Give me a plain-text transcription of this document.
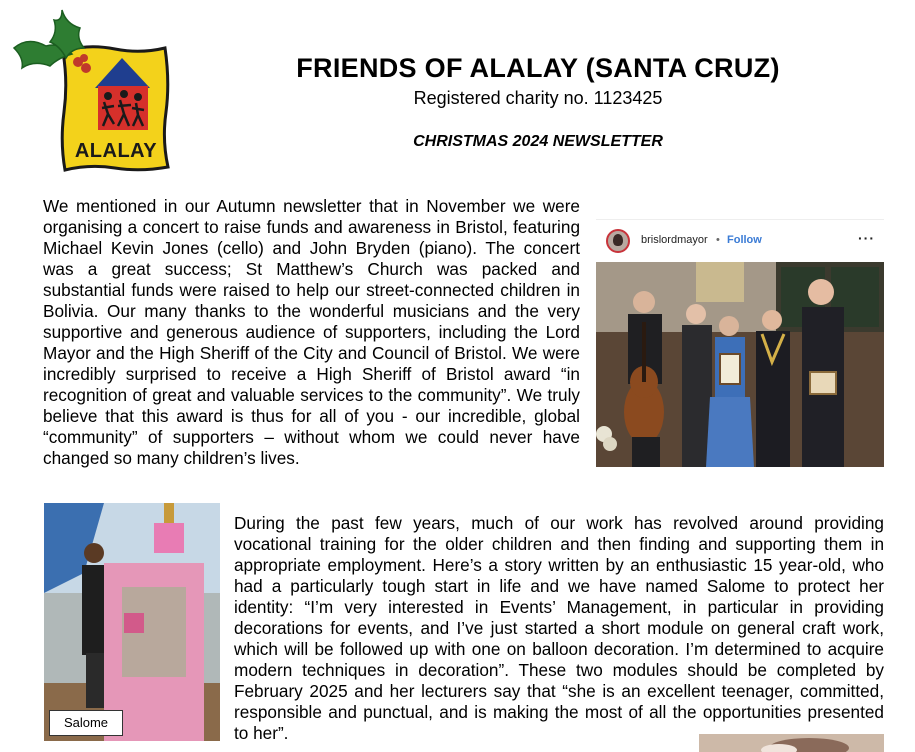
ALALAY
FRIENDS OF ALALAY (SANTA CRUZ)
Registered charity no. 1123425
CHRISTMAS 2024 NEWSLETTER

We mentioned in our Autumn newsletter that in November we were organising a concert to raise funds and awareness in Bristol, featuring Michael Kevin Jones (cello) and John Bryden (piano). The concert was a great success; St Matthew’s Church was packed and substantial funds were raised to help our street-connected children in Bolivia. Our many thanks to the wonderful musicians and the very supportive and generous audience of supporters, including the Lord Mayor and the High Sheriff of the City and Council of Bristol. We were incredibly surprised to receive a High Sheriff of Bristol award “in recognition of great and valuable services to the community”. We truly believe that this award is thus for all of you - our incredible, global “community” of supporters – without whom we could never have changed so many children’s lives.

brislordmayor • Follow	···
Salome

During the past few years, much of our work has revolved around providing vocational training for the older children and then finding and supporting them in appropriate employment. Here’s a story written by an enthusiastic 15 year-old, who had a particularly tough start in life and we have named Salome to protect her identity: “I’m very interested in Events’ Management, in particular in providing decorations for events, and I’ve just started a short module on general craft work, which will be followed up with one on balloon decoration. I’m determined to acquire modern techniques in decoration”. These two modules should be completed by February 2025 and her lecturers say that “she is an excellent teenager, committed, responsible and punctual, and is making the most of all the opportunities presented to her”.
